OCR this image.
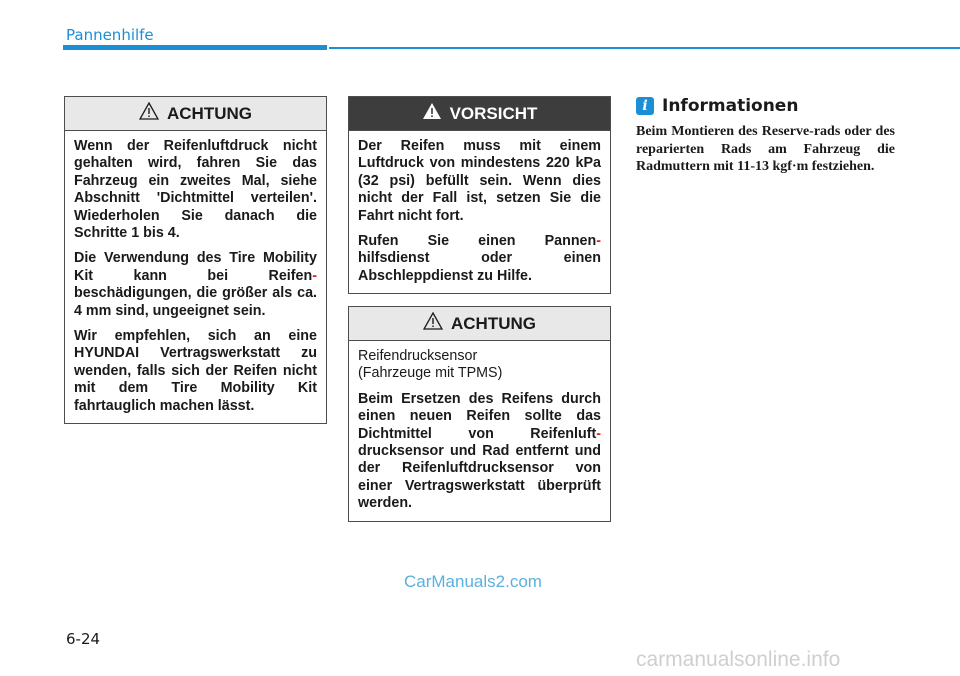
Pannenhilfe
ACHTUNG

Wenn der Reifenluftdruck nicht gehalten wird, fahren Sie das Fahrzeug ein zweites Mal, siehe Abschnitt 'Dichtmittel verteilen'. Wiederholen Sie danach die Schritte 1 bis 4.

Die Verwendung des Tire Mobility Kit kann bei Reifen- beschädigungen, die größer als ca. 4 mm sind, ungeeignet sein.

Wir empfehlen, sich an eine HYUNDAI Vertragswerkstatt zu wenden, falls sich der Reifen nicht mit dem Tire Mobility Kit fahrtauglich machen lässt.

VORSICHT

Der Reifen muss mit einem Luftdruck von mindestens 220 kPa (32 psi) befüllt sein. Wenn dies nicht der Fall ist, setzen Sie die Fahrt nicht fort.

Rufen Sie einen Pannen- hilfsdienst oder einen Abschleppdienst zu Hilfe.

ACHTUNG

Reifendrucksensor
(Fahrzeuge mit TPMS)

Beim Ersetzen des Reifens durch einen neuen Reifen sollte das Dichtmittel von Reifenluft- drucksensor und Rad entfernt und der Reifenluftdrucksensor von einer Vertragswerkstatt überprüft werden.

i Informationen
Beim Montieren des Reserve-rads oder des reparierten Rads am Fahrzeug die Radmuttern mit 11-13 kgf·m festziehen.
CarManuals2.com
6-24
carmanualsonline.info
